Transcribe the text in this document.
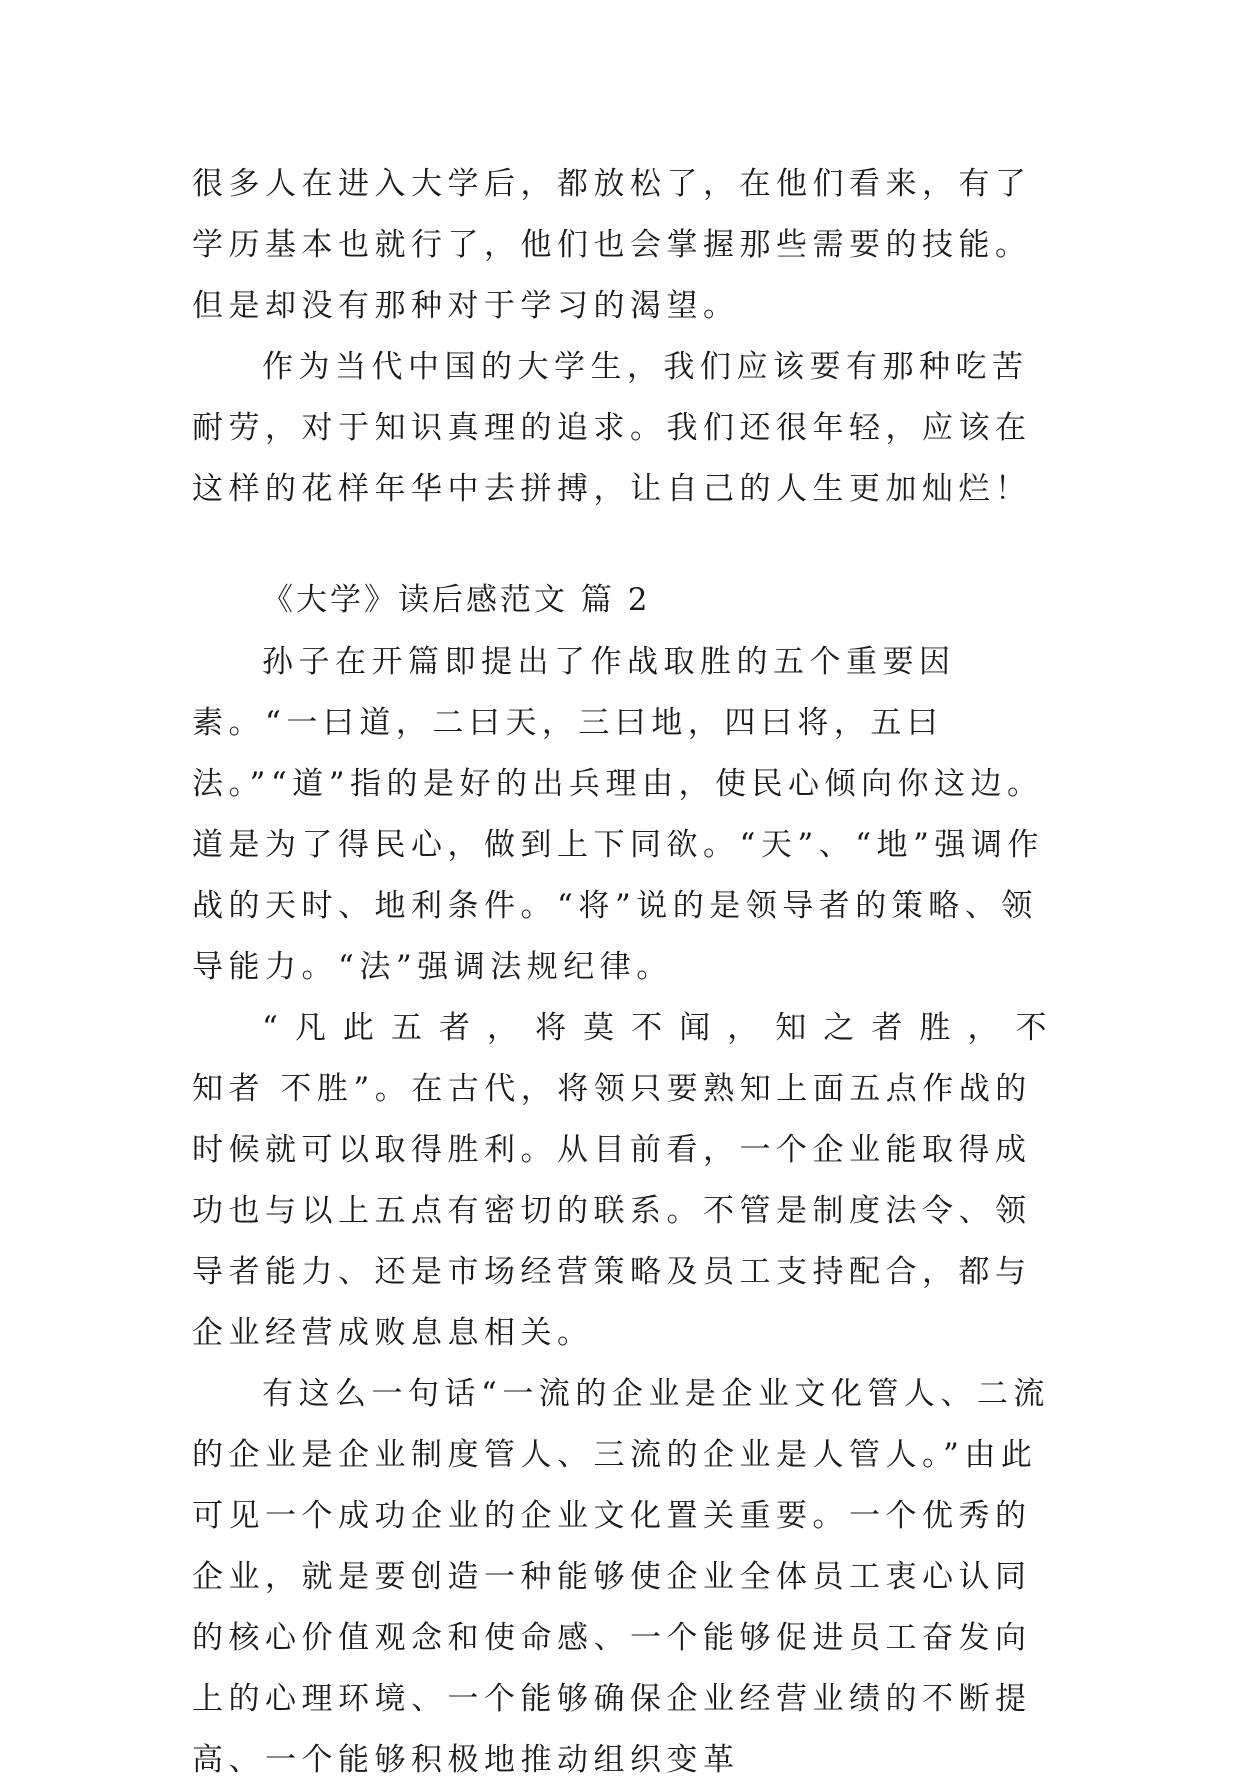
很多人在进入大学后，都放松了，在他们看来，有了学历基本也就行了，他们也会掌握那些需要的技能。但是却没有那种对于学习的渴望。

作为当代中国的大学生，我们应该要有那种吃苦耐劳，对于知识真理的追求。我们还很年轻，应该在这样的花样年华中去拼搏，让自己的人生更加灿烂！

《大学》读后感范文 篇 2

孙子在开篇即提出了作战取胜的五个重要因素。“一曰道，二曰天，三曰地，四曰将，五曰法。”“道”指的是好的出兵理由，使民心倾向你这边。道是为了得民心，做到上下同欲。“天”、“地”强调作战的天时、地利条件。“将”说的是领导者的策略、领导能力。“法”强调法规纪律。

“凡此五者，将莫不闻，知之者胜，不

知者 不胜”。在古代，将领只要熟知上面五点作战的时候就可以取得胜利。从目前看，一个企业能取得成功也与以上五点有密切的联系。不管是制度法令、领导者能力、还是市场经营策略及员工支持配合，都与企业经营成败息息相关。

有这么一句话“一流的企业是企业文化管人、二流的企业是企业制度管人、三流的企业是人管人。”由此可见一个成功企业的企业文化置关重要。一个优秀的企业，就是要创造一种能够使企业全体员工衷心认同的核心价值观念和使命感、一个能够促进员工奋发向上的心理环境、一个能够确保企业经营业绩的不断提高、一个能够积极地推动组织变革
